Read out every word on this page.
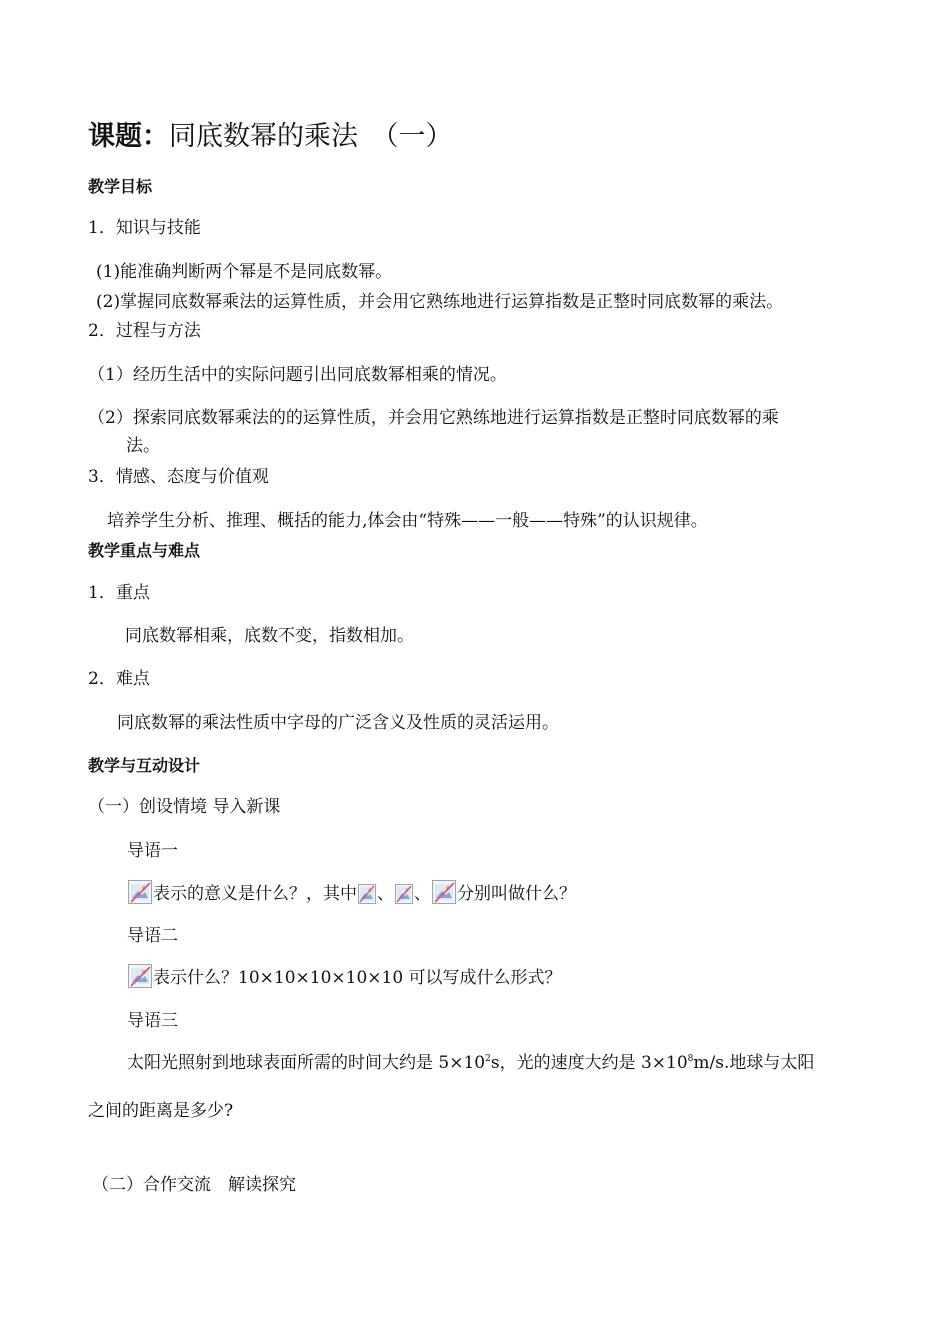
课题：同底数幂的乘法　（一）
教学目标
1．知识与技能
(1)能准确判断两个幂是不是同底数幂。
(2)掌握同底数幂乘法的运算性质，并会用它熟练地进行运算指数是正整时同底数幂的乘法。
2．过程与方法
（1）经历生活中的实际问题引出同底数幂相乘的情况。
（2）探索同底数幂乘法的的运算性质，并会用它熟练地进行运算指数是正整时同底数幂的乘
法。
3．情感、态度与价值观
培养学生分析、推理、概括的能力,体会由“特殊——一般——特殊”的认识规律。
教学重点与难点
1．重点
同底数幂相乘，底数不变，指数相加。
2．难点
同底数幂的乘法性质中字母的广泛含义及性质的灵活运用。
教学与互动设计
（一）创设情境 导入新课
导语一
表示的意义是什么？，其中 、 、 分别叫做什么？
导语二
表示什么？10×10×10×10×10 可以写成什么形式？
导语三
太阳光照射到地球表面所需的时间大约是 $5\times 10^2s$，光的速度大约是 $3\times 10^8m/s$.地球与太阳
之间的距离是多少?
（二）合作交流　解读探究
